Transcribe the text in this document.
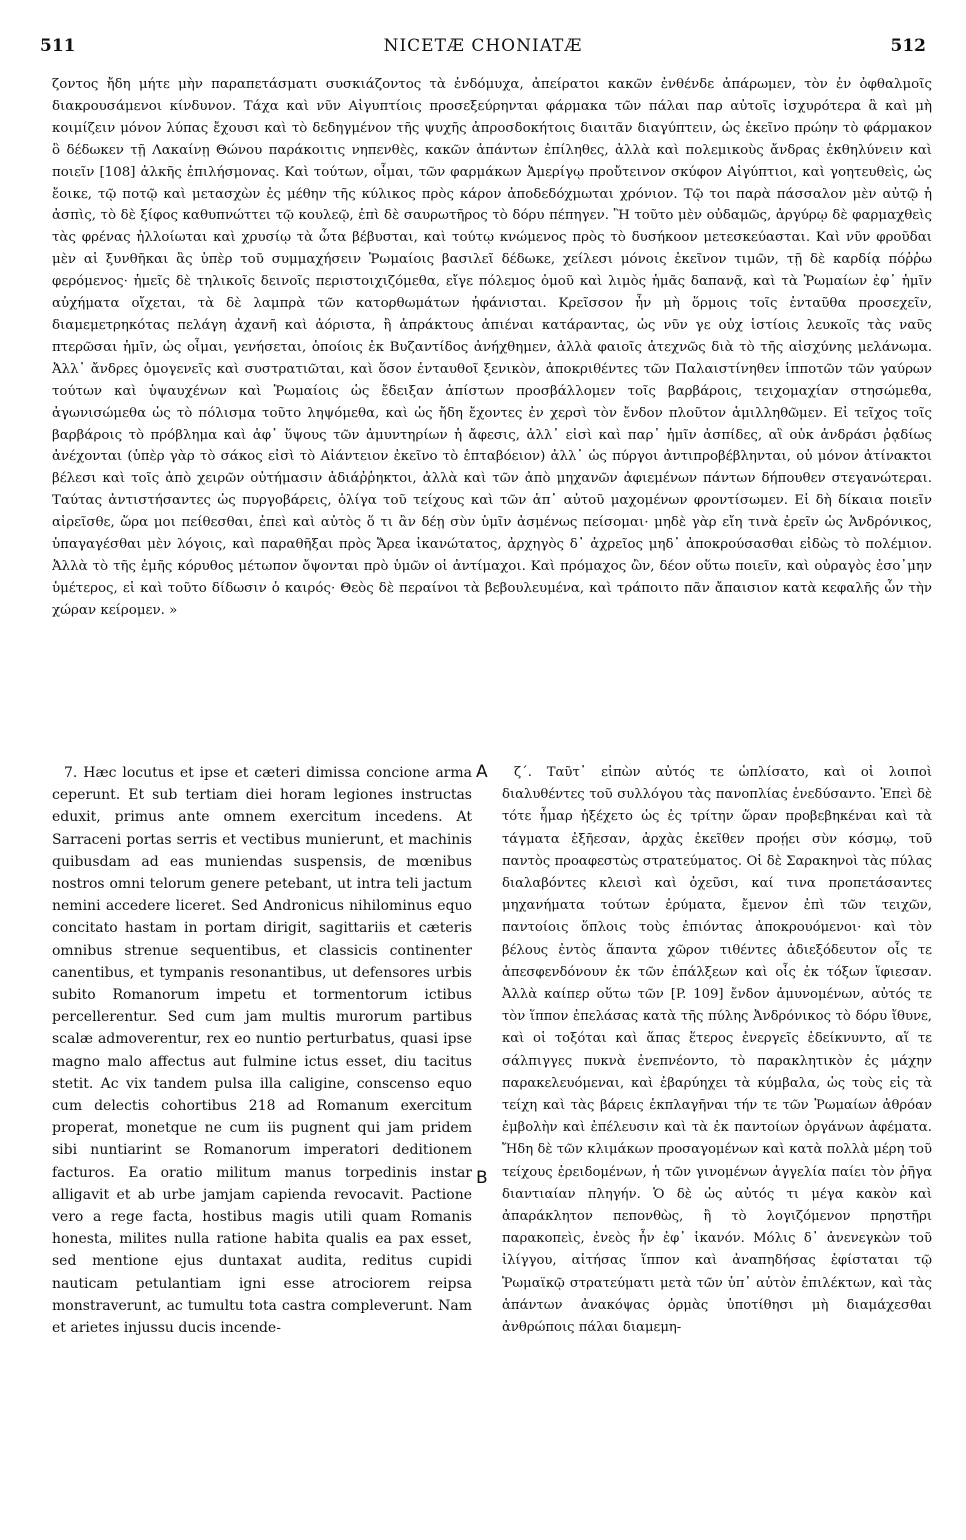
511	NICETÆ CHONIATÆ	512

ζοντος ἤδη μήτε μὴν παραπετάσματι συσκιάζοντος τὰ ἐνδόμυχα, ἀπείρατοι κακῶν ἐνθένδε ἀπάρωμεν, τὸν ἐν ὀφθαλμοῖς διακρουσάμενοι κίνδυνον. Τάχα καὶ νῦν Αἰγυπτίοις προσεξεύρηνται φάρμακα τῶν πάλαι παρ αὐτοῖς ἰσχυρότερα ἃ καὶ μὴ κοιμίζειν μόνον λύπας ἔχουσι καὶ τὸ δεδηγμένον τῆς ψυχῆς ἀπροσδοκήτοις διαιτᾶν διαγύπτειν, ὡς ἐκεῖνο πρώην τὸ φάρμακον ὃ δέδωκεν τῇ Λακαίνῃ Θώνου παράκοιτις νηπενθὲς, κακῶν ἁπάντων ἐπίληθες, ἀλλὰ καὶ πολεμικοὺς ἄνδρας ἐκθηλύνειν καὶ ποιεῖν [108] ἀλκῆς ἐπιλήσμονας. Καὶ τούτων, οἶμαι, τῶν φαρμάκων Ἀμερίγῳ προὔτεινον σκύφον Αἰγύπτιοι, καὶ γοητευθεὶς, ὡς ἔοικε, τῷ ποτῷ καὶ μετασχὼν ἐς μέθην τῆς κύλικος πρὸς κάρον ἀποδεδόχμωται χρόνιον. Τῷ τοι παρὰ πάσσαλον μὲν αὐτῷ ἡ ἀσπὶς, τὸ δὲ ξίφος καθυπνώττει τῷ κουλεῷ, ἐπὶ δὲ σαυρωτῆρος τὸ δόρυ πέπηγεν. Ἢ τοῦτο μὲν οὐδαμῶς, ἀργύρῳ δὲ φαρμαχθεὶς τὰς φρένας ἠλλοίωται καὶ χρυσίῳ τὰ ὦτα βέβυσται, καὶ τούτῳ κνώμενος πρὸς τὸ δυσήκοον μετεσκεύασται. Καὶ νῦν φροῦδαι μὲν αἱ ξυνθῆκαι ἃς ὑπὲρ τοῦ συμμαχήσειν Ῥωμαίοις βασιλεῖ δέδωκε, χείλεσι μόνοις ἐκεῖνον τιμῶν, τῇ δὲ καρδίᾳ πόῤῥω φερόμενος· ἡμεῖς δὲ τηλικοῖς δεινοῖς περιστοιχιζόμεθα, εἴγε πόλεμος ὁμοῦ καὶ λιμὸς ἡμᾶς δαπανᾷ, καὶ τὰ Ῥωμαίων ἐφ᾽ ἡμῖν αὐχήματα οἴχεται, τὰ δὲ λαμπρὰ τῶν κατορθωμάτων ἠφάνισται. Κρεῖσσον ἦν μὴ ὅρμοις τοῖς ἐνταῦθα προσεχεῖν, διαμεμετρηκότας πελάγη ἀχανῆ καὶ ἀόριστα, ἢ ἀπράκτους ἀπιέναι κατάραντας, ὡς νῦν γε οὐχ ἱστίοις λευκοῖς τὰς ναῦς πτερῶσαι ἡμῖν, ὡς οἶμαι, γενήσεται, ὁποίοις ἐκ Βυζαντίδος ἀνήχθημεν, ἀλλὰ φαιοῖς ἀτεχνῶς διὰ τὸ τῆς αἰσχύνης μελάνωμα. Ἀλλ᾽ ἄνδρες ὁμογενεῖς καὶ συστρατιῶται, καὶ ὅσον ἐνταυθοῖ ξενικὸν, ἀποκριθέντες τῶν Παλαιστίνηθεν ἱπποτῶν τῶν γαύρων τούτων καὶ ὑψαυχένων καὶ Ῥωμαίοις ὡς ἔδειξαν ἀπίστων προσβάλλομεν τοῖς βαρβάροις, τειχομαχίαν στησώμεθα, ἀγωνισώμεθα ὡς τὸ πόλισμα τοῦτο ληψόμεθα, καὶ ὡς ἤδη ἔχοντες ἐν χερσὶ τὸν ἔνδον πλοῦτον ἁμιλληθῶμεν. Εἰ τεῖχος τοῖς βαρβάροις τὸ πρόβλημα καὶ ἀφ᾽ ὕψους τῶν ἀμυντηρίων ἡ ἄφεσις, ἀλλ᾽ εἰσὶ καὶ παρ᾽ ἡμῖν ἀσπίδες, αἳ οὐκ ἀνδράσι ῥᾳδίως ἀνέχονται (ὑπὲρ γὰρ τὸ σάκος εἰσὶ τὸ Αἰάντειον ἐκεῖνο τὸ ἑπταβόειον) ἀλλ᾽ ὡς πύργοι ἀντιπροβέβληνται, οὐ μόνον ἀτίνακτοι βέλεσι καὶ τοῖς ἀπὸ χειρῶν οὐτήμασιν ἀδιάῤῥηκτοι, ἀλλὰ καὶ τῶν ἀπὸ μηχανῶν ἀφιεμένων πάντων δήπουθεν στεγανώτεραι. Ταύτας ἀντιστήσαντες ὡς πυργοβάρεις, ὀλίγα τοῦ τείχους καὶ τῶν ἀπ᾽ αὐτοῦ μαχομένων φροντίσωμεν. Εἰ δὴ δίκαια ποιεῖν αἱρεῖσθε, ὥρα μοι πείθεσθαι, ἐπεὶ καὶ αὐτὸς ὅ τι ἂν δέῃ σὺν ὑμῖν ἀσμένως πείσομαι· μηδὲ γὰρ εἴη τινὰ ἐρεῖν ὡς Ἀνδρόνικος, ὑπαγαγέσθαι μὲν λόγοις, καὶ παραθῆξαι πρὸς Ἄρεα ἱκανώτατος, ἀρχηγὸς δ᾽ ἀχρεῖος μηδ᾽ ἀποκρούσασθαι εἰδὼς τὸ πολέμιον. Ἀλλὰ τὸ τῆς ἐμῆς κόρυθος μέτωπον ὄψονται πρὸ ὑμῶν οἱ ἀντίμαχοι. Καὶ πρόμαχος ὢν, δέον οὕτω ποιεῖν, καὶ οὐραγὸς ἐσο᾽μην ὑμέτερος, εἰ καὶ τοῦτο δίδωσιν ὁ καιρός· Θεὸς δὲ περαίνοι τὰ βεβουλευμένα, καὶ τράποιτο πᾶν ἄπαισιον κατὰ κεφαλῆς ὧν τὴν χώραν κείρομεν. »

7. Hæc locutus et ipse et cæteri dimissa concione arma ceperunt. Et sub tertiam diei horam legiones instructas eduxit, primus ante omnem exercitum incedens. At Sarraceni portas serris et vectibus munierunt, et machinis quibusdam ad eas muniendas suspensis, de mœnibus nostros omni telorum genere petebant, ut intra teli jactum nemini accedere liceret. Sed Andronicus nihilominus equo concitato hastam in portam dirigit, sagittariis et cæteris omnibus strenue sequentibus, et classicis continenter canentibus, et tympanis resonantibus, ut defensores urbis subito Romanorum impetu et tormentorum ictibus percellerentur. Sed cum jam multis murorum partibus scalæ admoverentur, rex eo nuntio perturbatus, quasi ipse magno malo affectus aut fulmine ictus esset, diu tacitus stetit. Ac vix tandem pulsa illa caligine, conscenso equo cum delectis cohortibus 218 ad Romanum exercitum properat, monetque ne cum iis pugnent qui jam pridem sibi nuntiarint se Romanorum imperatori deditionem facturos. Ea oratio militum manus torpedinis instar alligavit et ab urbe jamjam capienda revocavit. Pactione vero a rege facta, hostibus magis utili quam Romanis honesta, milites nulla ratione habita qualis ea pax esset, sed mentione ejus duntaxat audita, reditus cupidi nauticam petulantiam igni esse atrociorem reipsa monstraverunt, ac tumultu tota castra compleverunt. Nam et arietes injussu ducis incende-

A
B

ζ΄. Ταῦτ᾽ εἰπὼν αὐτός τε ὡπλίσατο, καὶ οἱ λοιποὶ διαλυθέντες τοῦ συλλόγου τὰς πανοπλίας ἐνεδύσαντο. Ἐπεὶ δὲ τότε ἦμαρ ἠξέχετο ὡς ἐς τρίτην ὥραν προβεβηκέναι καὶ τὰ τάγματα ἐξῆεσαν, ἀρχὰς ἐκεῖθεν προῄει σὺν κόσμῳ, τοῦ παντὸς προαφεστὼς στρατεύματος. Οἱ δὲ Σαρακηνοὶ τὰς πύλας διαλαβόντες κλεισὶ καὶ ὀχεῦσι, καί τινα προπετάσαντες μηχανήματα τούτων ἐρύματα, ἔμενον ἐπὶ τῶν τειχῶν, παντοίοις ὅπλοις τοὺς ἐπιόντας ἀποκρουόμενοι· καὶ τὸν βέλους ἐντὸς ἅπαντα χῶρον τιθέντες ἀδιεξόδευτον οἷς τε ἀπεσφενδόνουν ἐκ τῶν ἐπάλξεων καὶ οἷς ἐκ τόξων ἵφιεσαν. Ἀλλὰ καίπερ οὕτω τῶν [P. 109] ἔνδον ἀμυνομένων, αὐτός τε τὸν ἵππον ἐπελάσας κατὰ τῆς πύλης Ἀνδρόνικος τὸ δόρυ ἴθυνε, καὶ οἱ τοξόται καὶ ἅπας ἕτερος ἐνεργεῖς ἐδείκνυντο, αἵ τε σάλπιγγες πυκνὰ ἐνεπνέοντο, τὸ παρακλητικὸν ἐς μάχην παρακελευόμεναι, καὶ ἐβαρύηχει τὰ κύμβαλα, ὡς τοὺς εἰς τὰ τείχη καὶ τὰς βάρεις ἐκπλαγῆναι τήν τε τῶν Ῥωμαίων ἀθρόαν ἐμβολὴν καὶ ἐπέλευσιν καὶ τὰ ἐκ παντοίων ὀργάνων ἀφέματα. Ἤδη δὲ τῶν κλιμάκων προσαγομένων καὶ κατὰ πολλὰ μέρη τοῦ τείχους ἐρειδομένων, ἡ τῶν γινομένων ἀγγελία παίει τὸν ῥῆγα διαντιαίαν πληγήν. Ὁ δὲ ὡς αὐτός τι μέγα κακὸν καὶ ἀπαράκλητον πεπονθὼς, ἢ τὸ λογιζόμενον πρηστῆρι παρακοπεὶς, ἐνεὸς ἦν ἐφ᾽ ἱκανόν. Μόλις δ᾽ ἀνενεγκὼν τοῦ ἰλίγγου, αἰτήσας ἵππον καὶ ἀναπηδήσας ἐφίσταται τῷ Ῥωμαϊκῷ στρατεύματι μετὰ τῶν ὑπ᾽ αὐτὸν ἐπιλέκτων, καὶ τὰς ἁπάντων ἀνακόψας ὁρμὰς ὑποτίθησι μὴ διαμάχεσθαι ἀνθρώποις πάλαι διαμεμη-
